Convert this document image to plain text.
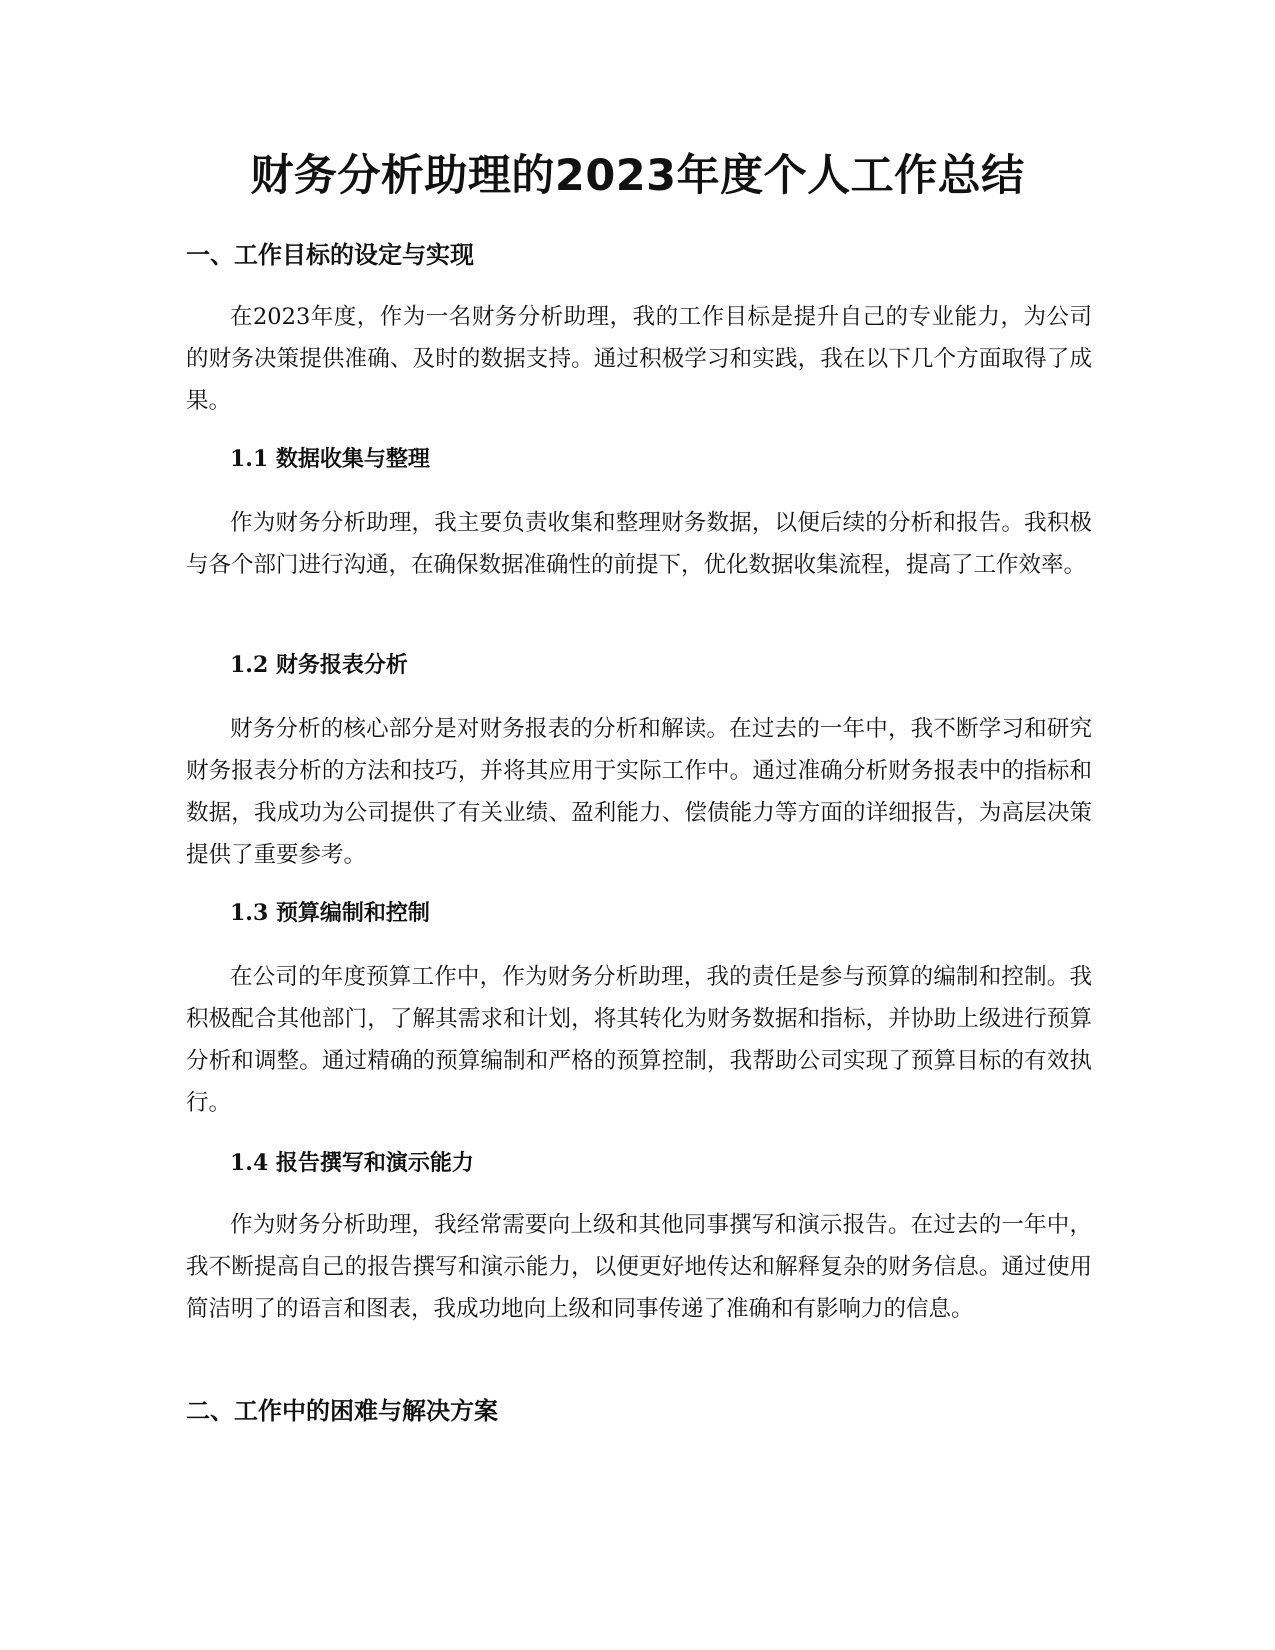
财务分析助理的2023年度个人工作总结
一、工作目标的设定与实现

在2023年度，作为一名财务分析助理，我的工作目标是提升自己的专业能力，为公司的财务决策提供准确、及时的数据支持。通过积极学习和实践，我在以下几个方面取得了成果。

1.1 数据收集与整理

作为财务分析助理，我主要负责收集和整理财务数据，以便后续的分析和报告。我积极与各个部门进行沟通，在确保数据准确性的前提下，优化数据收集流程，提高了工作效率。

1.2 财务报表分析

财务分析的核心部分是对财务报表的分析和解读。在过去的一年中，我不断学习和研究财务报表分析的方法和技巧，并将其应用于实际工作中。通过准确分析财务报表中的指标和数据，我成功为公司提供了有关业绩、盈利能力、偿债能力等方面的详细报告，为高层决策提供了重要参考。

1.3 预算编制和控制

在公司的年度预算工作中，作为财务分析助理，我的责任是参与预算的编制和控制。我积极配合其他部门，了解其需求和计划，将其转化为财务数据和指标，并协助上级进行预算分析和调整。通过精确的预算编制和严格的预算控制，我帮助公司实现了预算目标的有效执行。

1.4 报告撰写和演示能力

作为财务分析助理，我经常需要向上级和其他同事撰写和演示报告。在过去的一年中，我不断提高自己的报告撰写和演示能力，以便更好地传达和解释复杂的财务信息。通过使用简洁明了的语言和图表，我成功地向上级和同事传递了准确和有影响力的信息。

二、工作中的困难与解决方案
